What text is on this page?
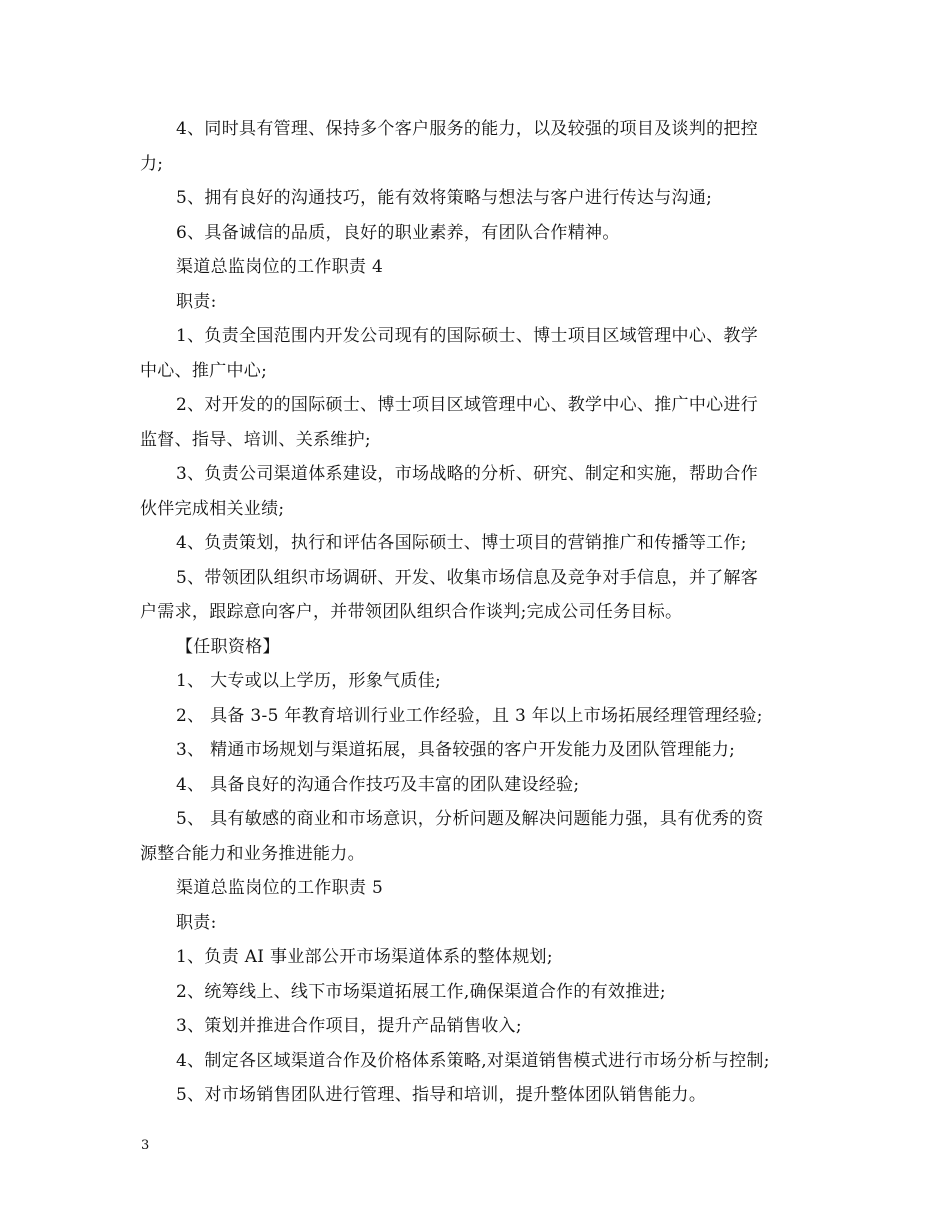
4、同时具有管理、保持多个客户服务的能力，以及较强的项目及谈判的把控
力;
5、拥有良好的沟通技巧，能有效将策略与想法与客户进行传达与沟通;
6、具备诚信的品质，良好的职业素养，有团队合作精神。
渠道总监岗位的工作职责 4
职责:
1、负责全国范围内开发公司现有的国际硕士、博士项目区域管理中心、教学
中心、推广中心;
2、对开发的的国际硕士、博士项目区域管理中心、教学中心、推广中心进行
监督、指导、培训、关系维护;
3、负责公司渠道体系建设，市场战略的分析、研究、制定和实施，帮助合作
伙伴完成相关业绩;
4、负责策划，执行和评估各国际硕士、博士项目的营销推广和传播等工作;
5、带领团队组织市场调研、开发、收集市场信息及竞争对手信息，并了解客
户需求，跟踪意向客户，并带领团队组织合作谈判;完成公司任务目标。
【任职资格】
1、 大专或以上学历，形象气质佳;
2、 具备 3-5 年教育培训行业工作经验，且 3 年以上市场拓展经理管理经验;
3、 精通市场规划与渠道拓展，具备较强的客户开发能力及团队管理能力;
4、 具备良好的沟通合作技巧及丰富的团队建设经验;
5、 具有敏感的商业和市场意识，分析问题及解决问题能力强，具有优秀的资
源整合能力和业务推进能力。
渠道总监岗位的工作职责 5
职责:
1、负责 AI 事业部公开市场渠道体系的整体规划;
2、统筹线上、线下市场渠道拓展工作,确保渠道合作的有效推进;
3、策划并推进合作项目，提升产品销售收入;
4、制定各区域渠道合作及价格体系策略,对渠道销售模式进行市场分析与控制;
5、对市场销售团队进行管理、指导和培训，提升整体团队销售能力。
3
